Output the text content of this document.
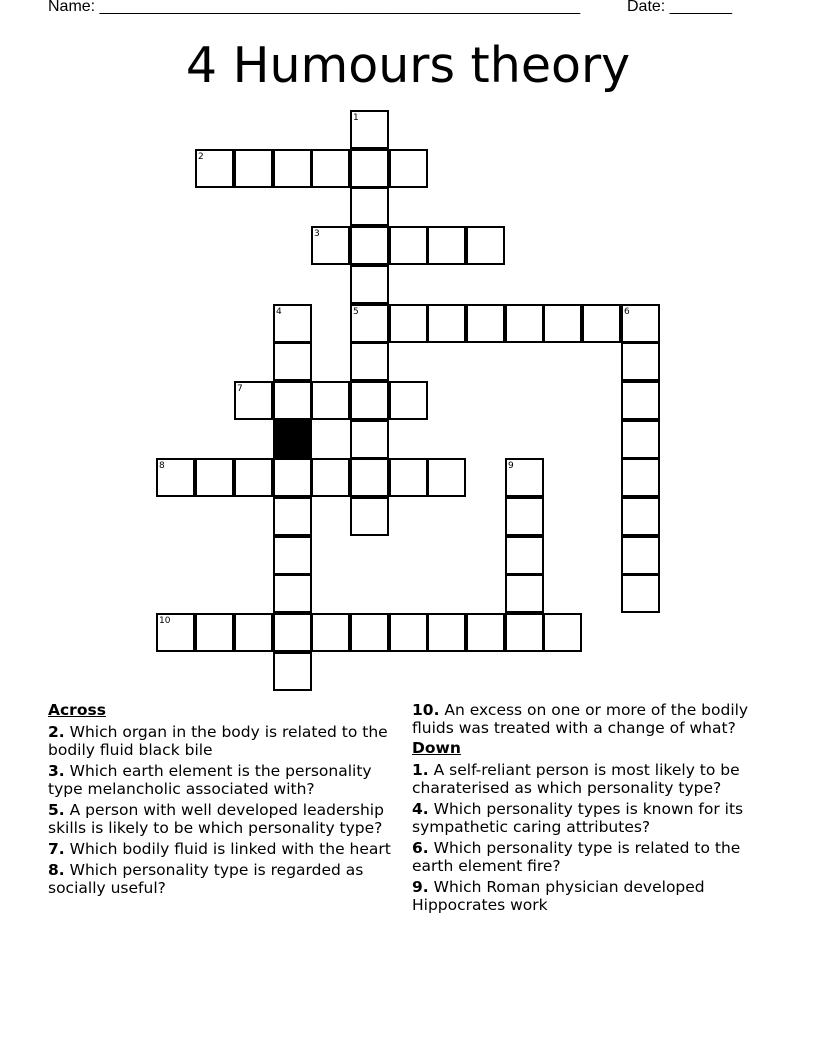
Name: ______________________________________________________	Date: _______
4 Humours theory
1
5
2
3
4	6
7
8	9
10
Across
2. Which organ in the body is related to the bodily fluid black bile
3. Which earth element is the personality type melancholic associated with?
5. A person with well developed leadership skills is likely to be which personality type?
7. Which bodily fluid is linked with the heart
8. Which personality type is regarded as socially useful?
10. An excess on one or more of the bodily fluids was treated with a change of what?
Down
1. A self-reliant person is most likely to be charaterised as which personality type?
4. Which personality types is known for its sympathetic caring attributes?
6. Which personality type is related to the earth element fire?
9. Which Roman physician developed Hippocrates work
